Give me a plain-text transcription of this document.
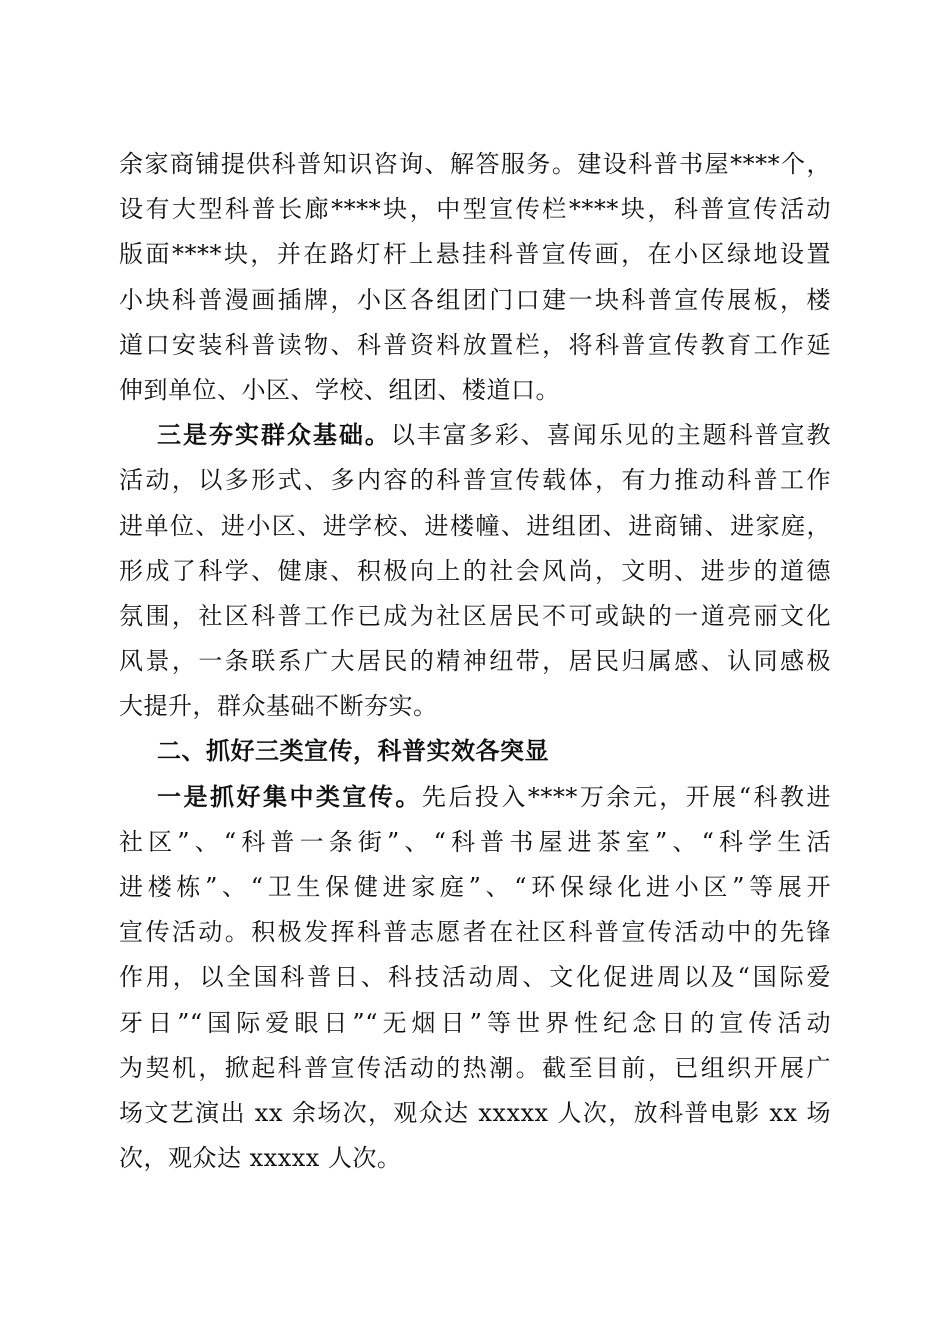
余家商铺提供科普知识咨询、解答服务。建设科普书屋****个，
设有大型科普长廊****块，中型宣传栏****块，科普宣传活动
版面****块，并在路灯杆上悬挂科普宣传画，在小区绿地设置
小块科普漫画插牌，小区各组团门口建一块科普宣传展板，楼
道口安装科普读物、科普资料放置栏，将科普宣传教育工作延
伸到单位、小区、学校、组团、楼道口。
三是夯实群众基础。以丰富多彩、喜闻乐见的主题科普宣教
活动，以多形式、多内容的科普宣传载体，有力推动科普工作
进单位、进小区、进学校、进楼幢、进组团、进商铺、进家庭，
形成了科学、健康、积极向上的社会风尚，文明、进步的道德
氛围，社区科普工作已成为社区居民不可或缺的一道亮丽文化
风景，一条联系广大居民的精神纽带，居民归属感、认同感极
大提升，群众基础不断夯实。
二、抓好三类宣传，科普实效各突显
一是抓好集中类宣传。先后投入****万余元，开展“科教进
社区”、“科普一条街”、“科普书屋进茶室”、“科学生活
进楼栋”、“卫生保健进家庭”、“环保绿化进小区”等展开
宣传活动。积极发挥科普志愿者在社区科普宣传活动中的先锋
作用，以全国科普日、科技活动周、文化促进周以及“国际爱
牙日”“国际爱眼日”“无烟日”等世界性纪念日的宣传活动
为契机，掀起科普宣传活动的热潮。截至目前，已组织开展广
场文艺演出 xx 余场次，观众达 xxxxx 人次，放科普电影 xx 场
次，观众达 xxxxx 人次。
